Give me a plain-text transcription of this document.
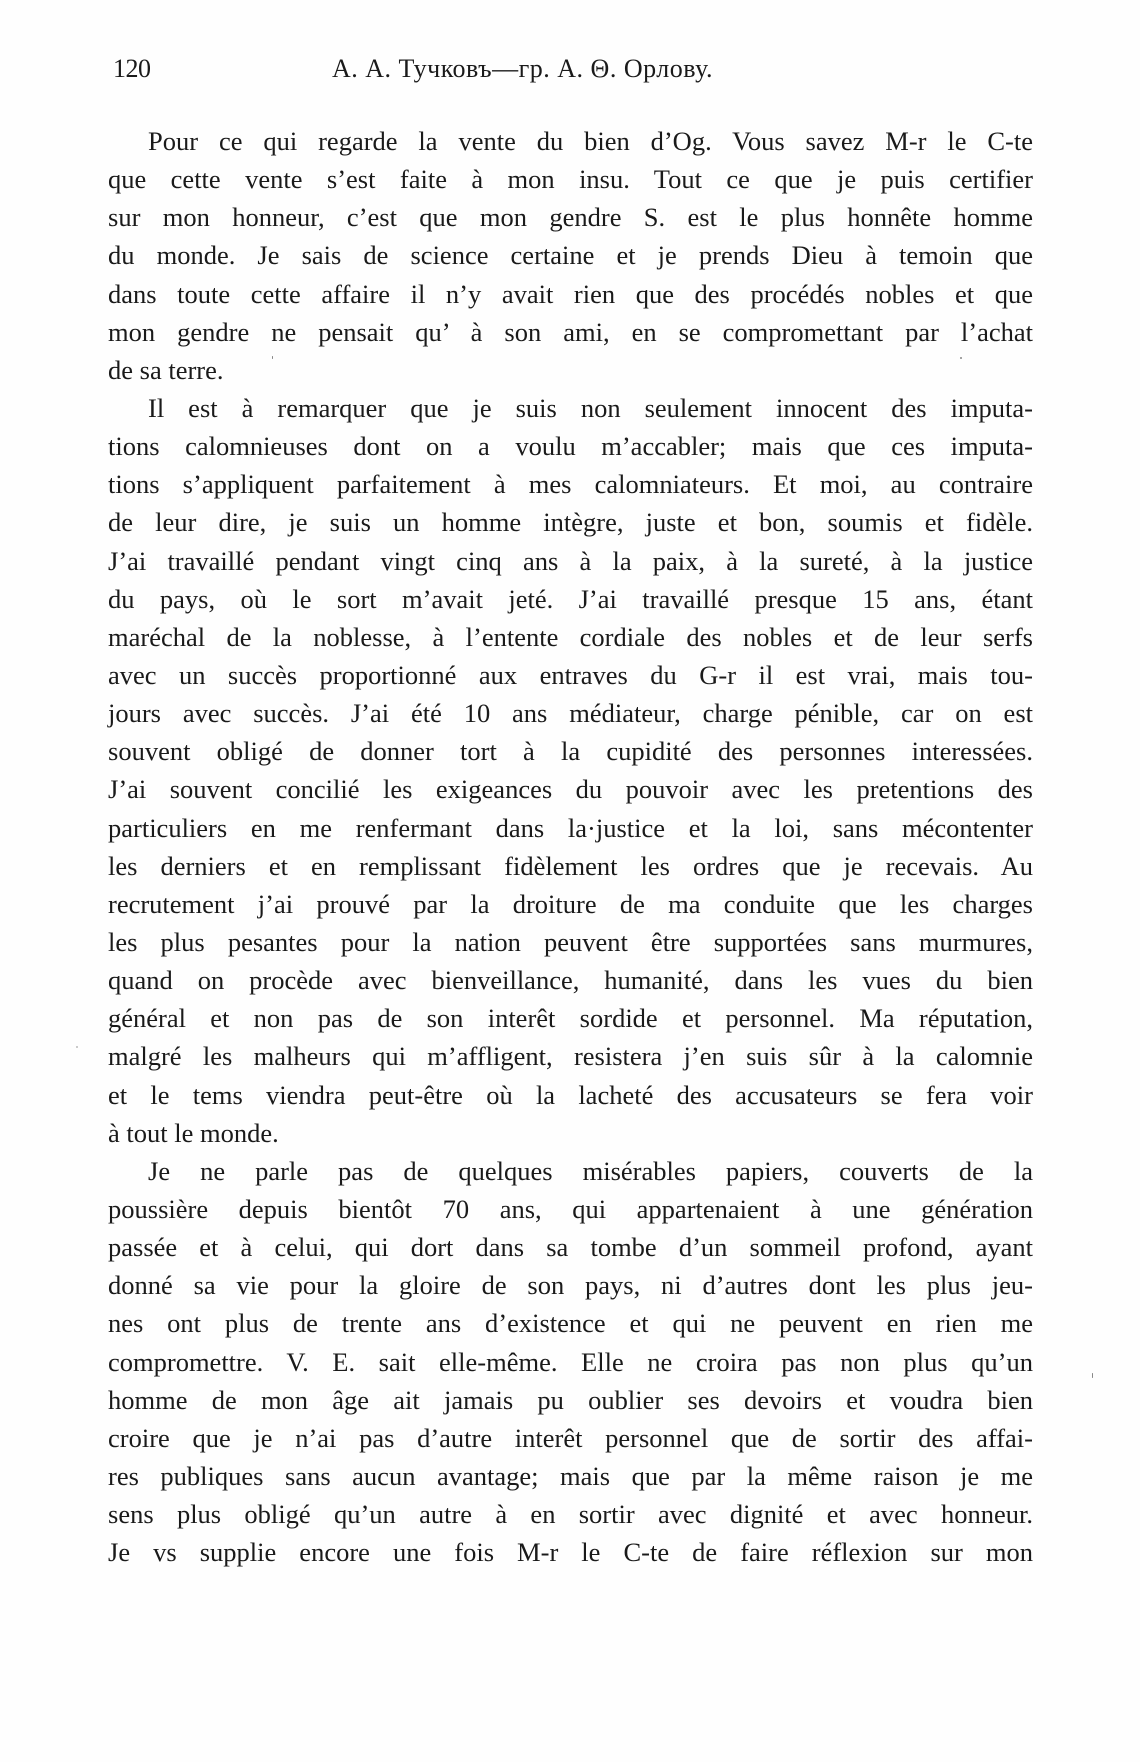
120	А. А. Тучковъ—гр. А. Θ. Орлову.
Pour ce qui regarde la vente du bien d’Og. Vous savez M-r le C-te
que cette vente s’est faite à mon insu. Tout ce que je puis certifier
sur mon honneur, c’est que mon gendre S. est le plus honnête homme
du monde. Je sais de science certaine et je prends Dieu à temoin que
dans toute cette affaire il n’y avait rien que des procédés nobles et que
mon gendre ne pensait qu’ à son ami, en se compromettant par l’achat
de sa terre.
Il est à remarquer que je suis non seulement innocent des imputa-
tions calomnieuses dont on a voulu m’accabler; mais que ces imputa-
tions s’appliquent parfaitement à mes calomniateurs. Et moi, au contraire
de leur dire, je suis un homme intègre, juste et bon, soumis et fidèle.
J’ai travaillé pendant vingt cinq ans à la paix, à la sureté, à la justice
du pays, où le sort m’avait jeté. J’ai travaillé presque 15 ans, étant
maréchal de la noblesse, à l’entente cordiale des nobles et de leur serfs
avec un succès proportionné aux entraves du G-r il est vrai, mais tou-
jours avec succès. J’ai été 10 ans médiateur, charge pénible, car on est
souvent obligé de donner tort à la cupidité des personnes interessées.
J’ai souvent concilié les exigeances du pouvoir avec les pretentions des
particuliers en me renfermant dans la·justice et la loi, sans mécontenter
les derniers et en remplissant fidèlement les ordres que je recevais. Au
recrutement j’ai prouvé par la droiture de ma conduite que les charges
les plus pesantes pour la nation peuvent être supportées sans murmures,
quand on procède avec bienveillance, humanité, dans les vues du bien
général et non pas de son interêt sordide et personnel. Ma réputation,
malgré les malheurs qui m’affligent, resistera j’en suis sûr à la calomnie
et le tems viendra peut-être où la lacheté des accusateurs se fera voir
à tout le monde.
Je ne parle pas de quelques misérables papiers, couverts de la
poussière depuis bientôt 70 ans, qui appartenaient à une génération
passée et à celui, qui dort dans sa tombe d’un sommeil profond, ayant
donné sa vie pour la gloire de son pays, ni d’autres dont les plus jeu-
nes ont plus de trente ans d’existence et qui ne peuvent en rien me
compromettre. V. E. sait elle-même. Elle ne croira pas non plus qu’un
homme de mon âge ait jamais pu oublier ses devoirs et voudra bien
croire que je n’ai pas d’autre interêt personnel que de sortir des affai-
res publiques sans aucun avantage; mais que par la même raison je me
sens plus obligé qu’un autre à en sortir avec dignité et avec honneur.
Je vs supplie encore une fois M-r le C-te de faire réflexion sur mon
